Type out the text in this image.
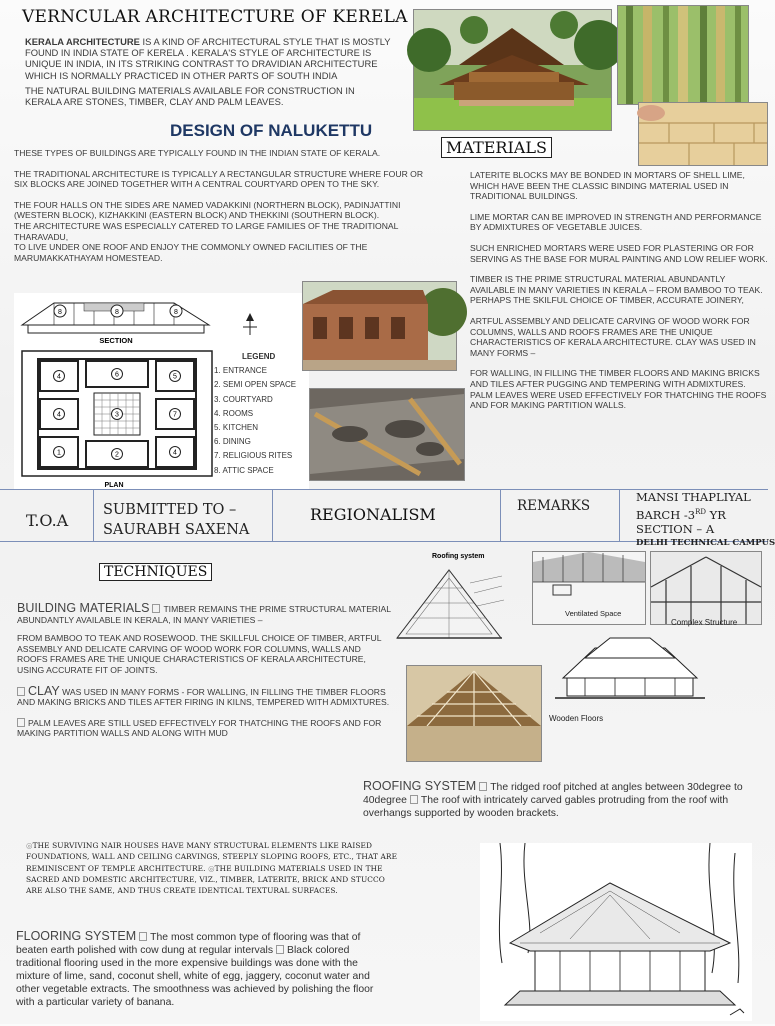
VERNCULAR ARCHITECTURE OF KERELA
KERALA ARCHITECTURE IS A KIND OF ARCHITECTURAL STYLE THAT IS MOSTLY FOUND IN INDIA STATE OF KERELA . KERALA'S STYLE OF ARCHITECTURE IS UNIQUE IN INDIA, IN ITS STRIKING CONTRAST TO DRAVIDIAN ARCHITECTURE WHICH IS NORMALLY PRACTICED IN OTHER PARTS OF SOUTH INDIA
THE NATURAL BUILDING MATERIALS AVAILABLE FOR CONSTRUCTION IN KERALA ARE STONES, TIMBER, CLAY AND PALM LEAVES.
DESIGN OF NALUKETTU
THESE TYPES OF BUILDINGS ARE TYPICALLY FOUND IN THE INDIAN STATE OF KERALA.
THE TRADITIONAL ARCHITECTURE IS TYPICALLY A RECTANGULAR STRUCTURE WHERE FOUR OR SIX BLOCKS ARE JOINED TOGETHER WITH A CENTRAL COURTYARD OPEN TO THE SKY.
THE FOUR HALLS ON THE SIDES ARE NAMED VADAKKINI (NORTHERN BLOCK), PADINJATTINI (WESTERN BLOCK), KIZHAKKINI (EASTERN BLOCK) AND THEKKINI (SOUTHERN BLOCK).
THE ARCHITECTURE WAS ESPECIALLY CATERED TO LARGE FAMILIES OF THE TRADITIONAL THARAVADU,
TO LIVE UNDER ONE ROOF AND ENJOY THE COMMONLY OWNED FACILITIES OF THE MARUMAKKATHAYAM HOMESTEAD.
8	8	8
SECTION
4	6	5
4	3	7
1	2	4
PLAN
LEGEND
1. ENTRANCE
2. SEMI OPEN SPACE
3. COURTYARD
4. ROOMS
5. KITCHEN
6. DINING
7. RELIGIOUS RITES
8. ATTIC SPACE
MATERIALS
LATERITE BLOCKS MAY BE BONDED IN MORTARS OF SHELL LIME, WHICH HAVE BEEN THE CLASSIC BINDING MATERIAL USED IN TRADITIONAL BUILDINGS.
LIME MORTAR CAN BE IMPROVED IN STRENGTH AND PERFORMANCE BY ADMIXTURES OF VEGETABLE JUICES.
SUCH ENRICHED MORTARS WERE USED FOR PLASTERING OR FOR SERVING AS THE BASE FOR MURAL PAINTING AND LOW RELIEF WORK.
TIMBER IS THE PRIME STRUCTURAL MATERIAL ABUNDANTLY AVAILABLE IN MANY VARIETIES IN KERALA – FROM BAMBOO TO TEAK. PERHAPS THE SKILFUL CHOICE OF TIMBER, ACCURATE JOINERY,
ARTFUL ASSEMBLY AND DELICATE CARVING OF WOOD WORK FOR COLUMNS, WALLS AND ROOFS FRAMES ARE THE UNIQUE CHARACTERISTICS OF KERALA ARCHITECTURE. CLAY WAS USED IN MANY FORMS –
FOR WALLING, IN FILLING THE TIMBER FLOORS AND MAKING BRICKS AND TILES AFTER PUGGING AND TEMPERING WITH ADMIXTURES. PALM LEAVES WERE USED EFFECTIVELY FOR THATCHING THE ROOFS AND FOR MAKING PARTITION WALLS.
T.O.A
SUBMITTED TO –
SAURABH SAXENA
REGIONALISM	REMARKS
MANSI THAPLIYAL
BARCH -3RD YR
SECTION – A
DELHI TECHNICAL CAMPUS
TECHNIQUES
BUILDING MATERIALS TIMBER REMAINS THE PRIME STRUCTURAL MATERIAL ABUNDANTLY AVAILABLE IN KERALA, IN MANY VARIETIES –
FROM BAMBOO TO TEAK AND ROSEWOOD. THE SKILLFUL CHOICE OF TIMBER, ARTFUL ASSEMBLY AND DELICATE CARVING OF WOOD WORK FOR COLUMNS, WALLS AND ROOFS FRAMES ARE THE UNIQUE CHARACTERISTICS OF KERALA ARCHITECTURE, USING ACCURATE FIT OF JOINTS.
CLAY WAS USED IN MANY FORMS - FOR WALLING, IN FILLING THE TIMBER FLOORS AND MAKING BRICKS AND TILES AFTER FIRING IN KILNS, TEMPERED WITH ADMIXTURES.
PALM LEAVES ARE STILL USED EFFECTIVELY FOR THATCHING THE ROOFS AND FOR MAKING PARTITION WALLS AND ALONG WITH MUD
Roofing system
Ventilated Space
Complex Structure
Wooden Floors
ROOFING SYSTEM The ridged roof pitched at angles between 30degree to 40degree The roof with intricately carved gables protruding from the roof with overhangs supported by wooden brackets.
◎THE SURVIVING NAIR HOUSES HAVE MANY STRUCTURAL ELEMENTS LIKE RAISED FOUNDATIONS, WALL AND CEILING CARVINGS, STEEPLY SLOPING ROOFS, ETC., THAT ARE REMINISCENT OF TEMPLE ARCHITECTURE. ◎THE BUILDING MATERIALS USED IN THE SACRED AND DOMESTIC ARCHITECTURE, VIZ., TIMBER, LATERITE, BRICK AND STUCCO ARE ALSO THE SAME, AND THUS CREATE IDENTICAL TEXTURAL SURFACES.
FLOORING SYSTEM The most common type of flooring was that of beaten earth polished with cow dung at regular intervals Black colored traditional flooring used in the more expensive buildings was done with the mixture of lime, sand, coconut shell, white of egg, jaggery, coconut water and other vegetable extracts. The smoothness was achieved by polishing the floor with a particular variety of banana.
